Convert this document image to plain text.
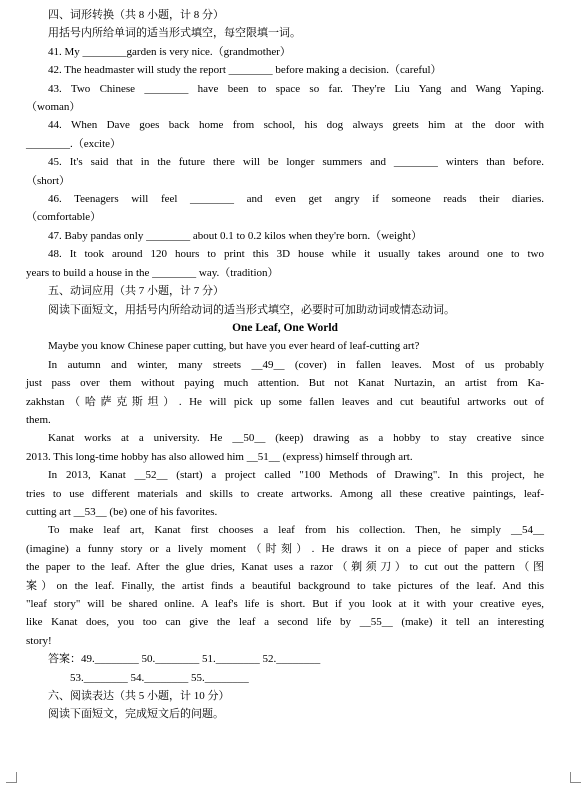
四、词形转换（共 8 小题，计 8 分）
用括号内所给单词的适当形式填空，每空限填一词。
41. My ________garden is very nice.（grandmother）
42. The headmaster will study the report ________ before making a decision.（careful）
43. Two Chinese ________ have been to space so far. They're Liu Yang and Wang Yaping.
（woman）
44. When Dave goes back home from school, his dog always greets him at the door with
________.（excite）
45. It's said that in the future there will be longer summers and ________ winters than before.
（short）
46. Teenagers will feel ________ and even get angry if someone reads their diaries.
（comfortable）
47. Baby pandas only ________ about 0.1 to 0.2 kilos when they're born.（weight）
48. It took around 120 hours to print this 3D house while it usually takes around one to two
years to build a house in the ________ way.（tradition）
五、动词应用（共 7 小题，计 7 分）
阅读下面短文，用括号内所给动词的适当形式填空，必要时可加助动词或情态动词。
One Leaf, One World
Maybe you know Chinese paper cutting, but have you ever heard of leaf-cutting art?
In autumn and winter, many streets __49__ (cover) in fallen leaves. Most of us probably
just pass over them without paying much attention. But not Kanat Nurtazin, an artist from Ka-
zakhstan（哈萨克斯坦）. He will pick up some fallen leaves and cut beautiful artworks out of
them.
Kanat works at a university. He __50__ (keep) drawing as a hobby to stay creative since
2013. This long-time hobby has also allowed him __51__ (express) himself through art.
In 2013, Kanat __52__ (start) a project called "100 Methods of Drawing". In this project, he
tries to use different materials and skills to create artworks. Among all these creative paintings, leaf-
cutting art __53__ (be) one of his favorites.
To make leaf art, Kanat first chooses a leaf from his collection. Then, he simply __54__
(imagine) a funny story or a lively moment（时刻）. He draws it on a piece of paper and sticks
the paper to the leaf. After the glue dries, Kanat uses a razor（剃须刀）to cut out the pattern（图
案）on the leaf. Finally, the artist finds a beautiful background to take pictures of the leaf. And this
"leaf story" will be shared online. A leaf's life is short. But if you look at it with your creative eyes,
like Kanat does, you too can give the leaf a second life by __55__ (make) it tell an interesting
story!
答案：49.________ 50.________ 51.________ 52.________
53.________ 54.________ 55.________
六、阅读表达（共 5 小题，计 10 分）
阅读下面短文，完成短文后的问题。
